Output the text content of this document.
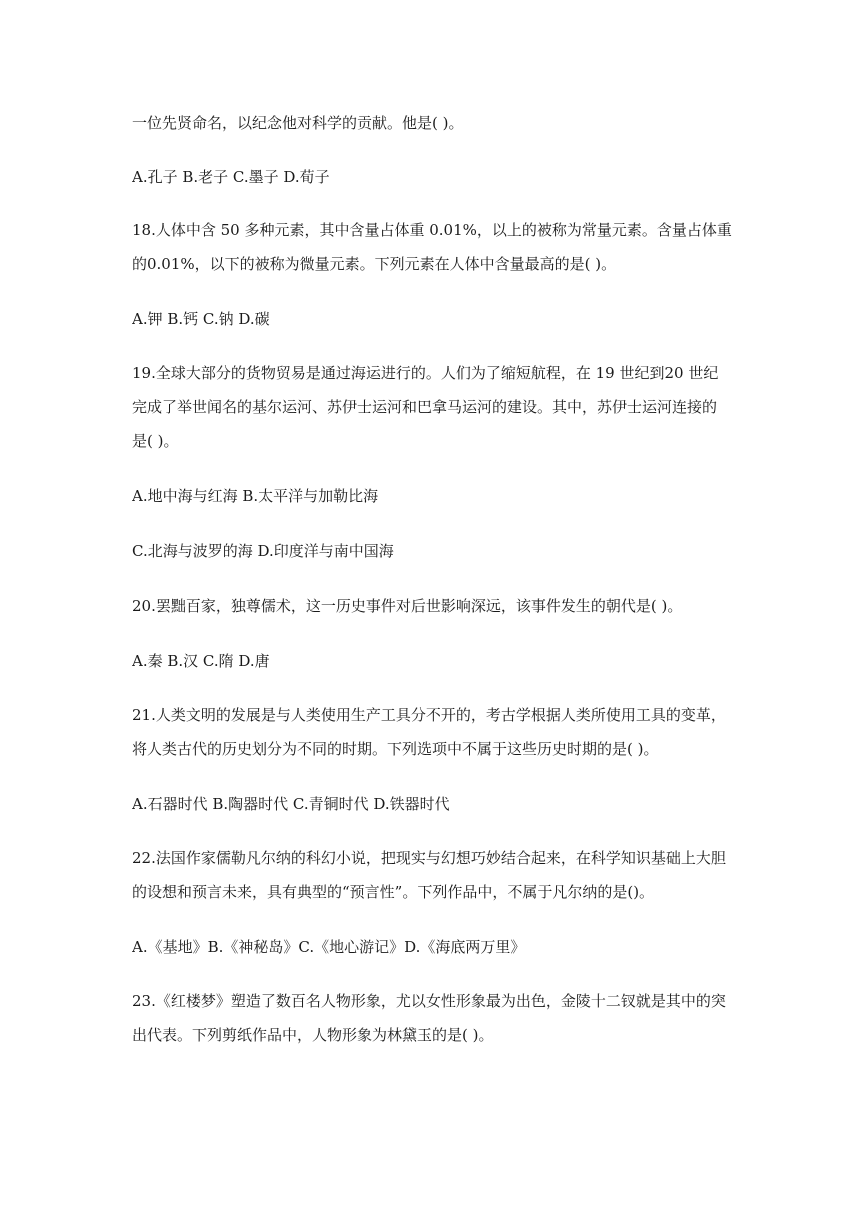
一位先贤命名，以纪念他对科学的贡献。他是( )。
A.孔子 B.老子 C.墨子 D.荀子
18.人体中含 50 多种元素，其中含量占体重 0.01%，以上的被称为常量元素。含量占体重
的0.01%，以下的被称为微量元素。下列元素在人体中含量最高的是( )。
A.钾 B.钙 C.钠 D.碳
19.全球大部分的货物贸易是通过海运进行的。人们为了缩短航程，在 19 世纪到20 世纪
完成了举世闻名的基尔运河、苏伊士运河和巴拿马运河的建设。其中，苏伊士运河连接的
是( )。
A.地中海与红海 B.太平洋与加勒比海
C.北海与波罗的海 D.印度洋与南中国海
20.罢黜百家，独尊儒术，这一历史事件对后世影响深远，该事件发生的朝代是( )。
A.秦 B.汉 C.隋 D.唐
21.人类文明的发展是与人类使用生产工具分不开的，考古学根据人类所使用工具的变革，
将人类古代的历史划分为不同的时期。下列选项中不属于这些历史时期的是( )。
A.石器时代 B.陶器时代 C.青铜时代 D.铁器时代
22.法国作家儒勒凡尔纳的科幻小说，把现实与幻想巧妙结合起来，在科学知识基础上大胆
的设想和预言未来，具有典型的“预言性”。下列作品中，不属于凡尔纳的是()。
A.《基地》B.《神秘岛》C.《地心游记》D.《海底两万里》
23.《红楼梦》塑造了数百名人物形象，尤以女性形象最为出色，金陵十二钗就是其中的突
出代表。下列剪纸作品中，人物形象为林黛玉的是( )。
